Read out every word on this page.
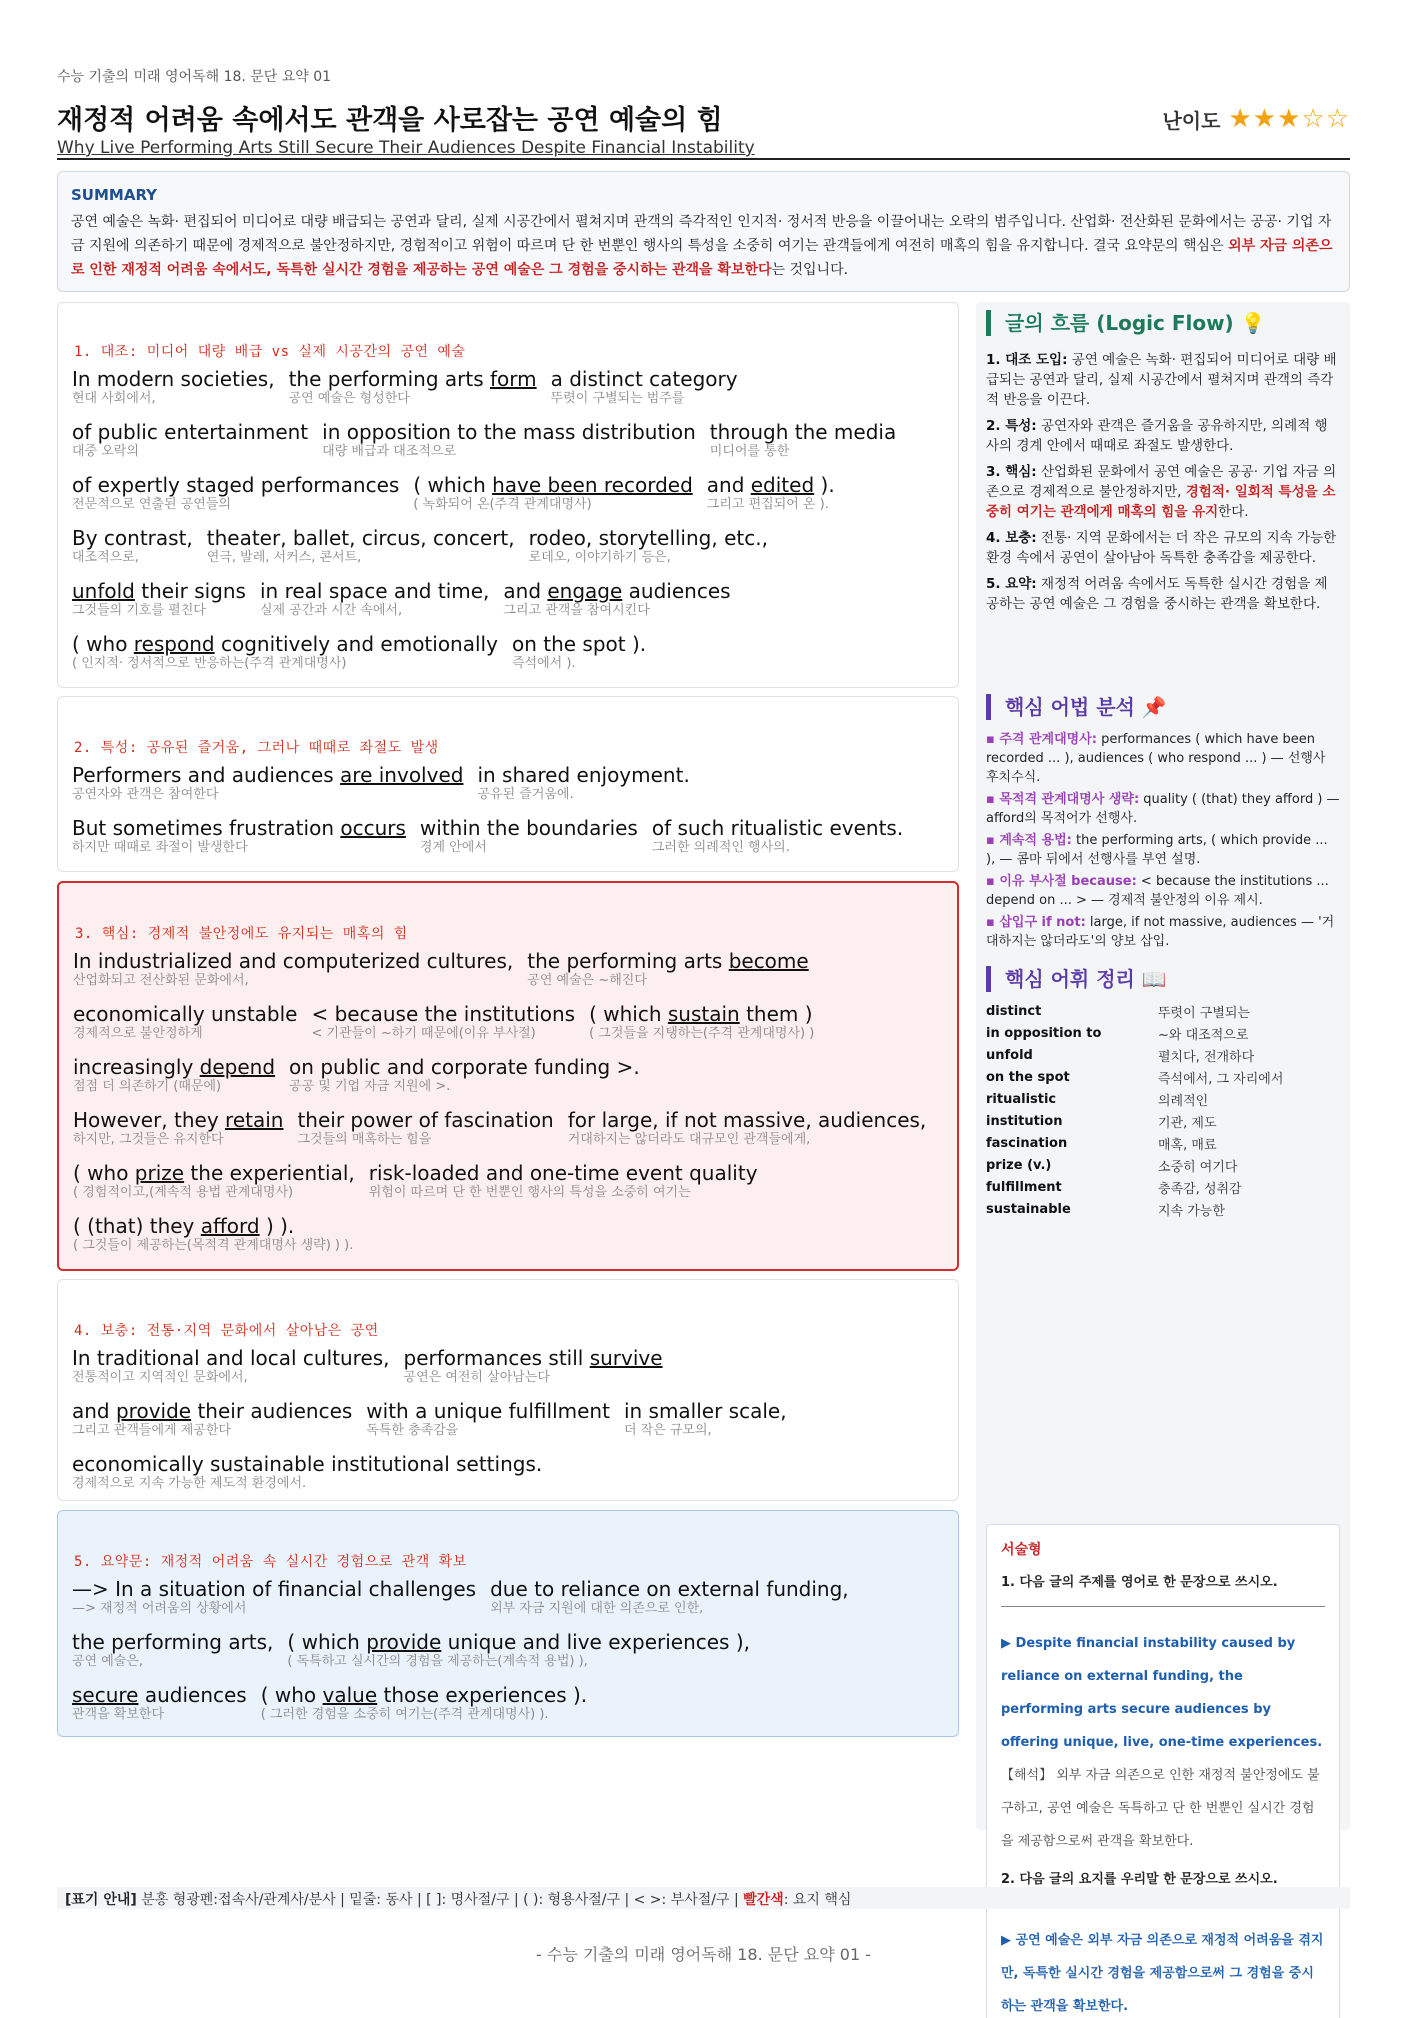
수능 기출의 미래 영어독해 18. 문단 요약 01
재정적 어려움 속에서도 관객을 사로잡는 공연 예술의 힘
Why Live Performing Arts Still Secure Their Audiences Despite Financial Instability
난이도 ★★★☆☆
SUMMARY
공연 예술은 녹화· 편집되어 미디어로 대량 배급되는 공연과 달리, 실제 시공간에서 펼쳐지며 관객의 즉각적인 인지적· 정서적 반응을 이끌어내는 오락의 범주입니다. 산업화· 전산화된 문화에서는 공공· 기업 자금 지원에 의존하기 때문에 경제적으로 불안정하지만, 경험적이고 위험이 따르며 단 한 번뿐인 행사의 특성을 소중히 여기는 관객들에게 여전히 매혹의 힘을 유지합니다. 결국 요약문의 핵심은 외부 자금 의존으로 인한 재정적 어려움 속에서도, 독특한 실시간 경험을 제공하는 공연 예술은 그 경험을 중시하는 관객을 확보한다는 것입니다.
1. 대조: 미디어 대량 배급 vs 실제 시공간의 공연 예술
In modern societies,
현대 사회에서,
the performing arts form
공연 예술은 형성한다
a distinct category
뚜렷이 구별되는 범주를
of public entertainment
대중 오락의
in opposition to the mass distribution
대량 배급과 대조적으로
through the media
미디어를 통한
of expertly staged performances
전문적으로 연출된 공연들의
( which have been recorded
( 녹화되어 온(주격 관계대명사)
and edited ).
그리고 편집되어 온 ).
By contrast,
대조적으로,
theater, ballet, circus, concert,
연극, 발레, 서커스, 콘서트,
rodeo, storytelling, etc.,
로데오, 이야기하기 등은,
unfold their signs
그것들의 기호를 펼친다
in real space and time,
실제 공간과 시간 속에서,
and engage audiences
그리고 관객을 참여시킨다
( who respond cognitively and emotionally
( 인지적· 정서적으로 반응하는(주격 관계대명사)
on the spot ).
즉석에서 ).
2. 특성: 공유된 즐거움, 그러나 때때로 좌절도 발생
Performers and audiences are involved
공연자와 관객은 참여한다
in shared enjoyment.
공유된 즐거움에.
But sometimes frustration occurs
하지만 때때로 좌절이 발생한다
within the boundaries
경계 안에서
of such ritualistic events.
그러한 의례적인 행사의.
3. 핵심: 경제적 불안정에도 유지되는 매혹의 힘
In industrialized and computerized cultures,
산업화되고 전산화된 문화에서,
the performing arts become
공연 예술은 ~해진다
economically unstable
경제적으로 불안정하게
< because the institutions
< 기관들이 ~하기 때문에(이유 부사절)
( which sustain them )
( 그것들을 지탱하는(주격 관계대명사) )
increasingly depend
점점 더 의존하기 (때문에)
on public and corporate funding >.
공공 및 기업 자금 지원에 >.
However, they retain
하지만, 그것들은 유지한다
their power of fascination
그것들의 매혹하는 힘을
for large, if not massive, audiences,
거대하지는 않더라도 대규모인 관객들에게,
( who prize the experiential,
( 경험적이고,(계속적 용법 관계대명사)
risk-loaded and one-time event quality
위험이 따르며 단 한 번뿐인 행사의 특성을 소중히 여기는
( (that) they afford ) ).
( 그것들이 제공하는(목적격 관계대명사 생략) ) ).
4. 보충: 전통·지역 문화에서 살아남은 공연
In traditional and local cultures,
전통적이고 지역적인 문화에서,
performances still survive
공연은 여전히 살아남는다
and provide their audiences
그리고 관객들에게 제공한다
with a unique fulfillment
독특한 충족감을
in smaller scale,
더 작은 규모의,
economically sustainable institutional settings.
경제적으로 지속 가능한 제도적 환경에서.
5. 요약문: 재정적 어려움 속 실시간 경험으로 관객 확보
—> In a situation of financial challenges
—> 재정적 어려움의 상황에서
due to reliance on external funding,
외부 자금 지원에 대한 의존으로 인한,
the performing arts,
공연 예술은,
( which provide unique and live experiences ),
( 독특하고 실시간의 경험을 제공하는(계속적 용법) ),
secure audiences
관객을 확보한다
( who value those experiences ).
( 그러한 경험을 소중히 여기는(주격 관계대명사) ).
글의 흐름 (Logic Flow) 💡

1. 대조 도입: 공연 예술은 녹화· 편집되어 미디어로 대량 배급되는 공연과 달리, 실제 시공간에서 펼쳐지며 관객의 즉각적 반응을 이끈다.

2. 특성: 공연자와 관객은 즐거움을 공유하지만, 의례적 행사의 경계 안에서 때때로 좌절도 발생한다.

3. 핵심: 산업화된 문화에서 공연 예술은 공공· 기업 자금 의존으로 경제적으로 불안정하지만, 경험적· 일회적 특성을 소중히 여기는 관객에게 매혹의 힘을 유지한다.

4. 보충: 전통· 지역 문화에서는 더 작은 규모의 지속 가능한 환경 속에서 공연이 살아남아 독특한 충족감을 제공한다.

5. 요약: 재정적 어려움 속에서도 독특한 실시간 경험을 제공하는 공연 예술은 그 경험을 중시하는 관객을 확보한다.

핵심 어법 분석 📌

▪ 주격 관계대명사: performances ( which have been recorded ... ), audiences ( who respond ... ) — 선행사 후치수식.

▪ 목적격 관계대명사 생략: quality ( (that) they afford ) — afford의 목적어가 선행사.

▪ 계속적 용법: the performing arts, ( which provide ... ), — 콤마 뒤에서 선행사를 부연 설명.

▪ 이유 부사절 because: < because the institutions ... depend on ... > — 경제적 불안정의 이유 제시.

▪ 삽입구 if not: large, if not massive, audiences — '거대하지는 않더라도'의 양보 삽입.

핵심 어휘 정리 📖
distinct	뚜렷이 구별되는
in opposition to	~와 대조적으로
unfold	펼치다, 전개하다
on the spot	즉석에서, 그 자리에서
ritualistic	의례적인
institution	기관, 제도
fascination	매혹, 매료
prize (v.)	소중히 여기다
fulfillment	충족감, 성취감
sustainable	지속 가능한
서술형
1. 다음 글의 주제를 영어로 한 문장으로 쓰시오.
▶ Despite financial instability caused by reliance on external funding, the performing arts secure audiences by offering unique, live, one-time experiences.
【해석】 외부 자금 의존으로 인한 재정적 불안정에도 불구하고, 공연 예술은 독특하고 단 한 번뿐인 실시간 경험을 제공함으로써 관객을 확보한다.
2. 다음 글의 요지를 우리말 한 문장으로 쓰시오.
▶ 공연 예술은 외부 자금 의존으로 재정적 어려움을 겪지만, 독특한 실시간 경험을 제공함으로써 그 경험을 중시하는 관객을 확보한다.
[표기 안내] 분홍 형광펜:접속사/관계사/분사 | 밑줄: 동사 | [ ]: 명사절/구 | ( ): 형용사절/구 | < >: 부사절/구 | 빨간색: 요지 핵심
- 수능 기출의 미래 영어독해 18. 문단 요약 01 -
